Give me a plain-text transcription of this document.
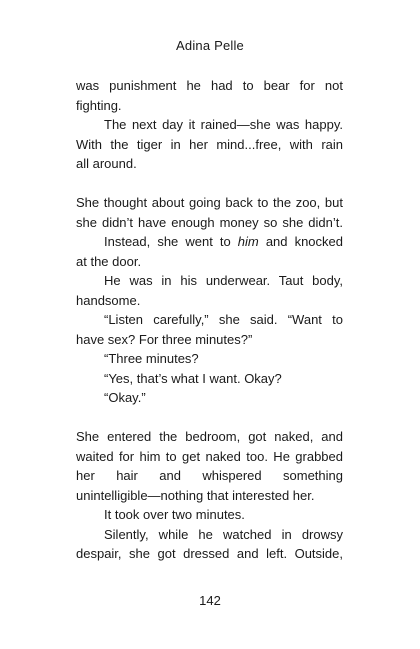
Adina Pelle
was punishment he had to bear for not
fighting.
The next day it rained—she was happy.
With the tiger in her mind...free, with rain
all around.
She thought about going back to the zoo, but
she didn’t have enough money so she didn’t.
Instead, she went to him and knocked
at the door.
He was in his underwear. Taut body,
handsome.
“Listen carefully,” she said. “Want to
have sex? For three minutes?”
“Three minutes?
“Yes, that’s what I want. Okay?
“Okay.”
She entered the bedroom, got naked, and
waited for him to get naked too. He grabbed
her hair and whispered something
unintelligible—nothing that interested her.
It took over two minutes.
Silently, while he watched in drowsy
despair, she got dressed and left. Outside,
142
